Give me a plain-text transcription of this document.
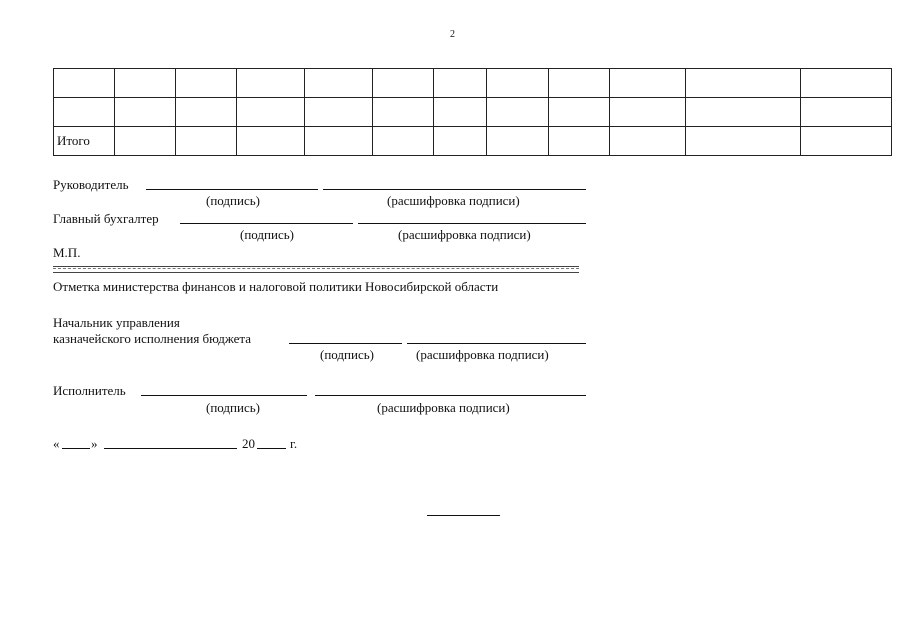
2

Итого											
Руководитель
(подпись)	(расшифровка подписи)
Главный бухгалтер
(подпись)	(расшифровка подписи)
М.П.
Отметка министерства финансов и налоговой политики Новосибирской области
Начальник управления
казначейского исполнения бюджета
(подпись)	(расшифровка подписи)
Исполнитель
(подпись)	(расшифровка подписи)
« »	20	г.
